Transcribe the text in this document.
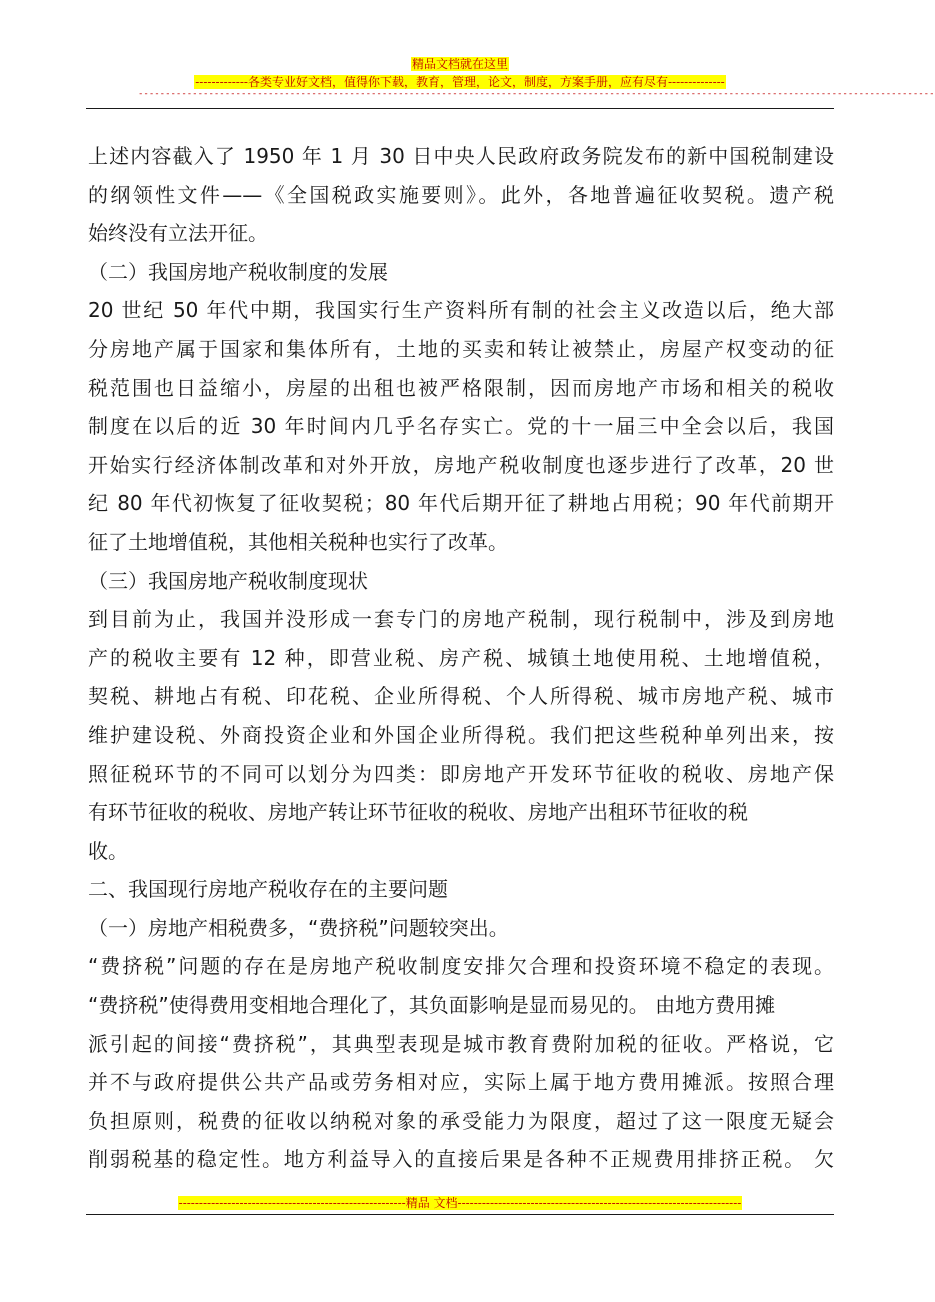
精品文档就在这里
-------------各类专业好文档，值得你下载，教育，管理，论文，制度，方案手册，应有尽有--------------
---------------------------------------------------------------------------------------------------------------------------------------------------
上述内容截入了 1950 年 1 月 30 日中央人民政府政务院发布的新中国税制建设
的纲领性文件——《全国税政实施要则》。此外，各地普遍征收契税。遗产税
始终没有立法开征。
（二）我国房地产税收制度的发展
20 世纪 50 年代中期，我国实行生产资料所有制的社会主义改造以后，绝大部
分房地产属于国家和集体所有，土地的买卖和转让被禁止，房屋产权变动的征
税范围也日益缩小，房屋的出租也被严格限制，因而房地产市场和相关的税收
制度在以后的近 30 年时间内几乎名存实亡。党的十一届三中全会以后，我国
开始实行经济体制改革和对外开放，房地产税收制度也逐步进行了改革，20 世
纪 80 年代初恢复了征收契税；80 年代后期开征了耕地占用税；90 年代前期开
征了土地增值税，其他相关税种也实行了改革。
（三）我国房地产税收制度现状
到目前为止，我国并没形成一套专门的房地产税制，现行税制中，涉及到房地
产的税收主要有 12 种，即营业税、房产税、城镇土地使用税、土地增值税，
契税、耕地占有税、印花税、企业所得税、个人所得税、城市房地产税、城市
维护建设税、外商投资企业和外国企业所得税。我们把这些税种单列出来，按
照征税环节的不同可以划分为四类：即房地产开发环节征收的税收、房地产保
有环节征收的税收、房地产转让环节征收的税收、房地产出租环节征收的税
收。
二、我国现行房地产税收存在的主要问题
（一）房地产相税费多，“费挤税”问题较突出。
“费挤税”问题的存在是房地产税收制度安排欠合理和投资环境不稳定的表现。
“费挤税”使得费用变相地合理化了，其负面影响是显而易见的。 由地方费用摊
派引起的间接“费挤税”，其典型表现是城市教育费附加税的征收。严格说，它
并不与政府提供公共产品或劳务相对应，实际上属于地方费用摊派。按照合理
负担原则，税费的征收以纳税对象的承受能力为限度，超过了这一限度无疑会
削弱税基的稳定性。地方利益导入的直接后果是各种不正规费用排挤正税。 欠
--------------------------------------------------------精品 文档----------------------------------------------------------------------
